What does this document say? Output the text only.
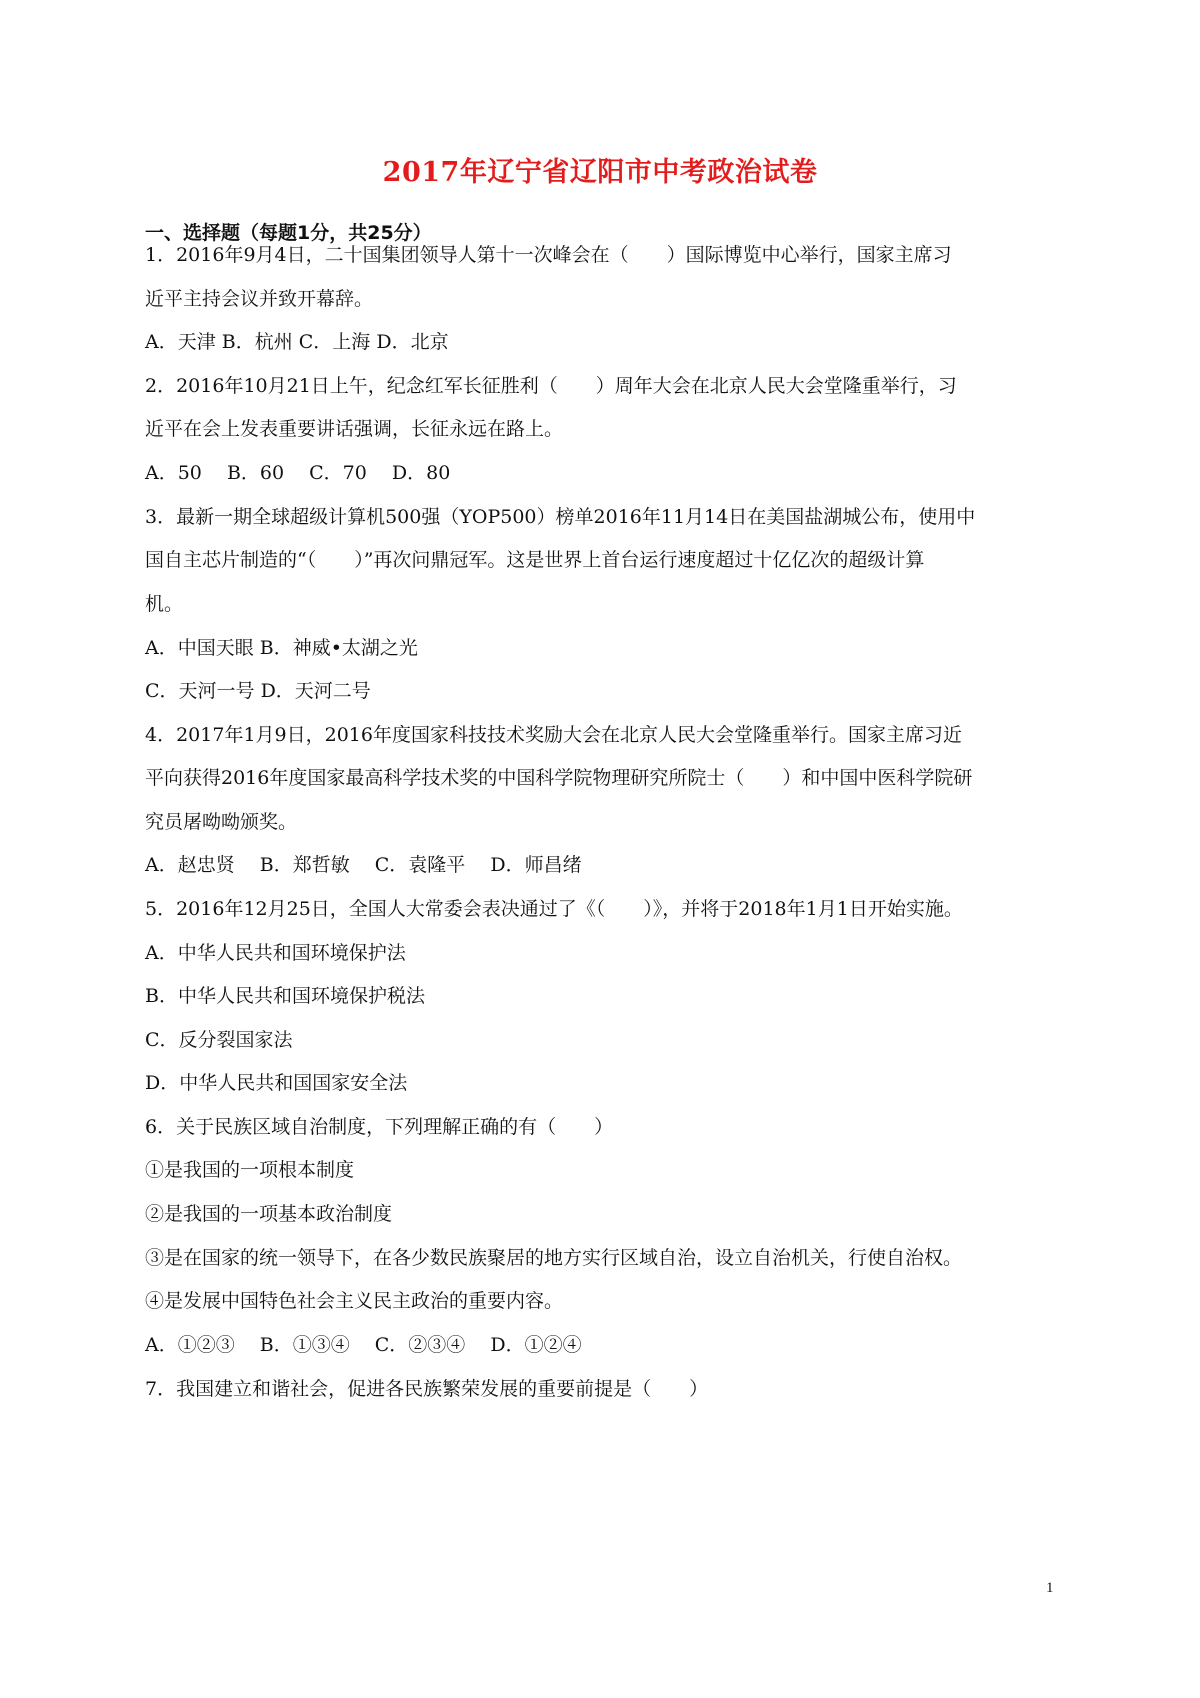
2017年辽宁省辽阳市中考政治试卷
一、选择题（每题1分，共25分）
1．2016年9月4日，二十国集团领导人第十一次峰会在（　　）国际博览中心举行，国家主席习
近平主持会议并致开幕辞。
A．天津 B．杭州 C．上海 D．北京
2．2016年10月21日上午，纪念红军长征胜利（　　）周年大会在北京人民大会堂隆重举行，习
近平在会上发表重要讲话强调，长征永远在路上。
A．50　 B．60　 C．70　 D．80
3．最新一期全球超级计算机500强（YOP500）榜单2016年11月14日在美国盐湖城公布，使用中
国自主芯片制造的“（　　）”再次问鼎冠军。这是世界上首台运行速度超过十亿亿次的超级计算
机。
A．中国天眼 B．神威•太湖之光
C．天河一号 D．天河二号
4．2017年1月9日，2016年度国家科技技术奖励大会在北京人民大会堂隆重举行。国家主席习近
平向获得2016年度国家最高科学技术奖的中国科学院物理研究所院士（　　）和中国中医科学院研
究员屠呦呦颁奖。
A．赵忠贤　 B．郑哲敏　 C．袁隆平　 D．师昌绪
5．2016年12月25日，全国人大常委会表决通过了《（　　）》，并将于2018年1月1日开始实施。
A．中华人民共和国环境保护法
B．中华人民共和国环境保护税法
C．反分裂国家法
D．中华人民共和国国家安全法
6．关于民族区域自治制度，下列理解正确的有（　　）
①是我国的一项根本制度
②是我国的一项基本政治制度
③是在国家的统一领导下，在各少数民族聚居的地方实行区域自治，设立自治机关，行使自治权。
④是发展中国特色社会主义民主政治的重要内容。
A．①②③　 B．①③④　 C．②③④　 D．①②④
7．我国建立和谐社会，促进各民族繁荣发展的重要前提是（　　）
1
